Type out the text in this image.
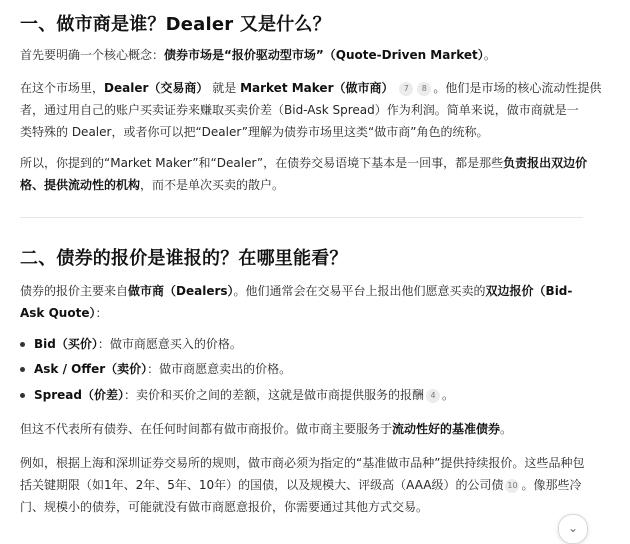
一、做市商是谁？Dealer 又是什么？
首先要明确一个核心概念：债券市场是“报价驱动型市场”（Quote-Driven Market）。
在这个市场里，Dealer（交易商） 就是 Market Maker（做市商） 7 8 。他们是市场的核心流动性提供
者，通过用自己的账户买卖证券来赚取买卖价差（Bid-Ask Spread）作为利润。简单来说，做市商就是一
类特殊的 Dealer，或者你可以把“Dealer”理解为债券市场里这类“做市商”角色的统称。
所以，你提到的“Market Maker”和“Dealer”，在债券交易语境下基本是一回事，都是那些负责报出双边价
格、提供流动性的机构，而不是单次买卖的散户。
二、债券的报价是谁报的？在哪里能看？
债券的报价主要来自做市商（Dealers）。他们通常会在交易平台上报出他们愿意买卖的双边报价（Bid-
Ask Quote）：
Bid（买价）：做市商愿意买入的价格。
Ask / Offer（卖价）：做市商愿意卖出的价格。
Spread（价差）：卖价和买价之间的差额，这就是做市商提供服务的报酬 4 。
但这不代表所有债券、在任何时间都有做市商报价。做市商主要服务于流动性好的基准债券。
例如，根据上海和深圳证券交易所的规则，做市商必须为指定的“基准做市品种”提供持续报价。这些品种包
括关键期限（如1年、2年、5年、10年）的国债，以及规模大、评级高（AAA级）的公司债 10 。像那些冷
门、规模小的债券，可能就没有做市商愿意报价，你需要通过其他方式交易。
⌄
